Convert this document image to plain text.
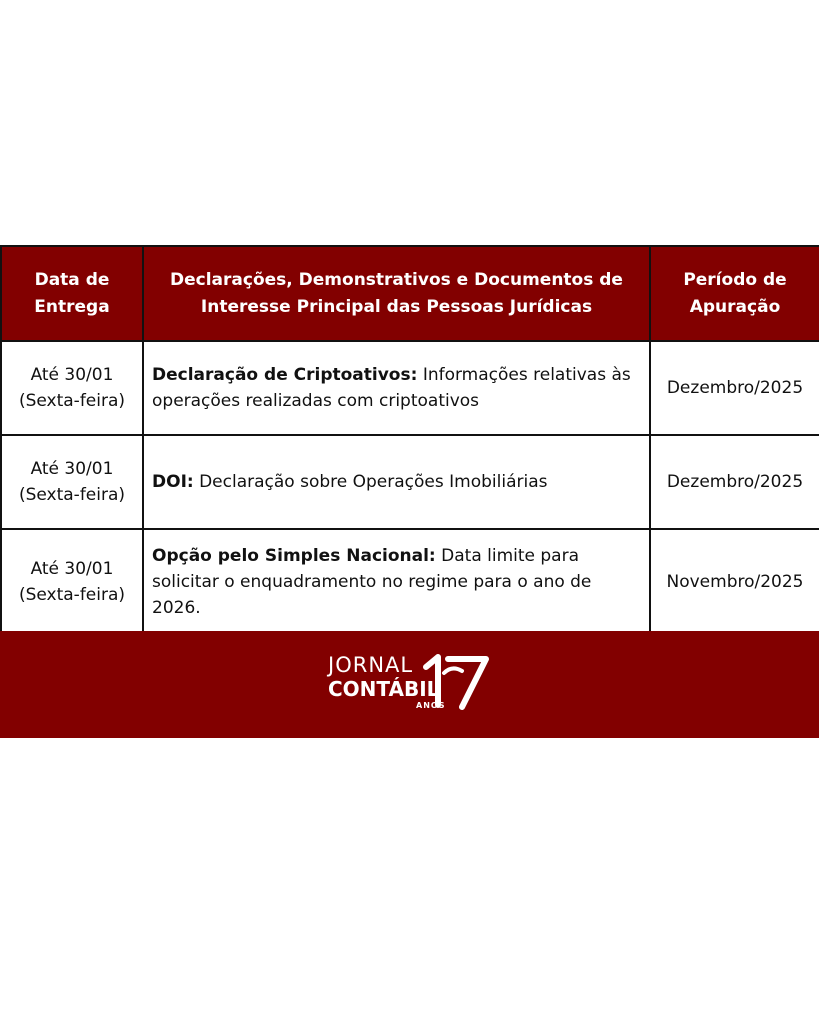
Data de Entrega	Declarações, Demonstrativos e Documentos de Interesse Principal das Pessoas Jurídicas	Período de Apuração

Até 30/01
(Sexta-feira)	Declaração de Criptoativos: Informações relativas às operações realizadas com criptoativos	Dezembro/2025

Até 30/01
(Sexta-feira)	DOI: Declaração sobre Operações Imobiliárias	Dezembro/2025

Até 30/01
(Sexta-feira)	Opção pelo Simples Nacional: Data limite para solicitar o enquadramento no regime para o ano de 2026.	Novembro/2025
JORNAL
CONTÁBIL
ANOS
